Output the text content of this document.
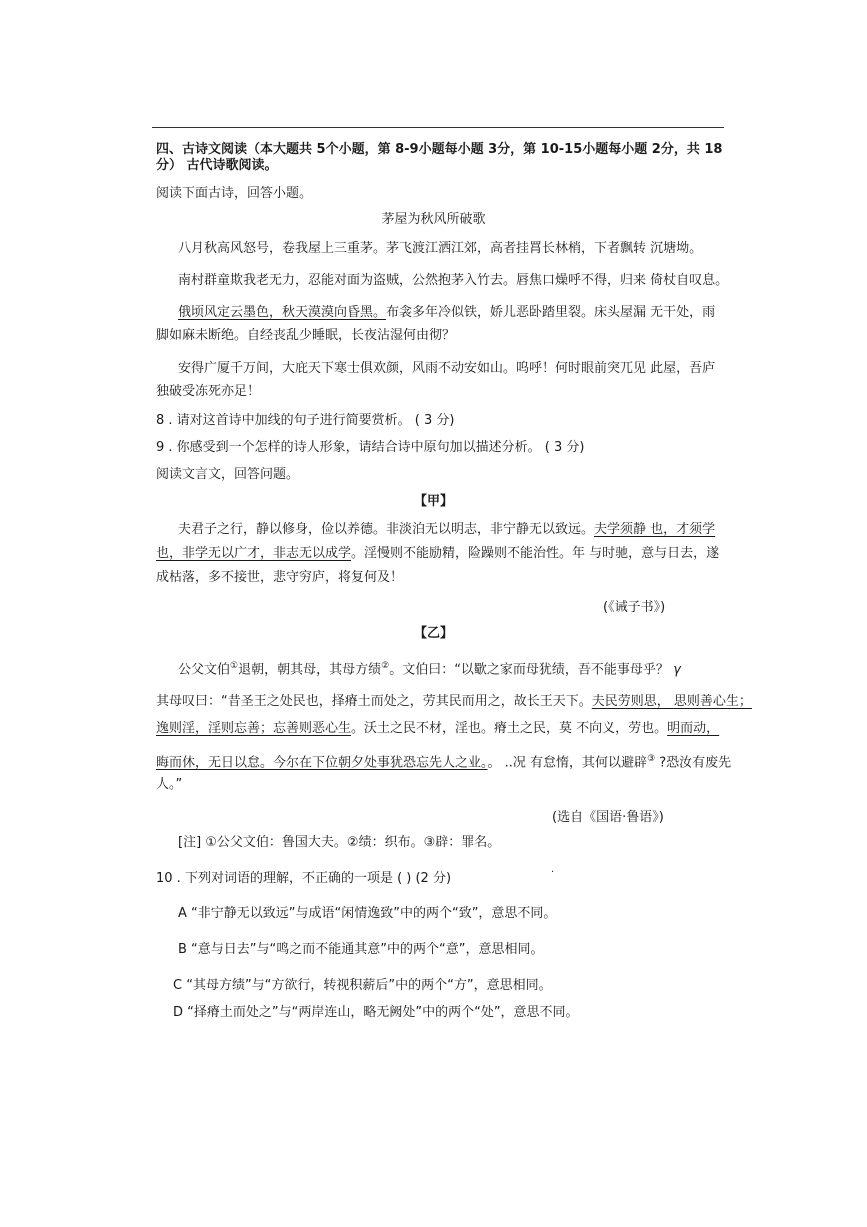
四、古诗文阅读（本大题共 5个小题，第 8-9小题每小题 3分，第 10-15小题每小题 2分，共 18
分） 古代诗歌阅读。
阅读下面古诗，回答小题。
茅屋为秋风所破歌
八月秋高风怒号，卷我屋上三重茅。茅飞渡江洒江郊，高者挂罥长林梢，下者飘转 沉塘坳。
南村群童欺我老无力，忍能对面为盗贼，公然抱茅入竹去。唇焦口燥呼不得，归来 倚杖自叹息。
俄顷风定云墨色，秋天漠漠向昏黑。布衾多年冷似铁，娇儿恶卧踏里裂。床头屋漏 无干处，雨
脚如麻未断绝。自经丧乱少睡眠，长夜沾湿何由彻？
安得广厦千万间，大庇天下寒士俱欢颜，风雨不动安如山。呜呼！何时眼前突兀见 此屋，吾庐
独破受冻死亦足！
8 . 请对这首诗中加线的句子进行简要赏析。 ( 3 分)
9 . 你感受到一个怎样的诗人形象，请结合诗中原句加以描述分析。 ( 3 分)
阅读文言文，回答问题。
【甲】
夫君子之行，静以修身，俭以养德。非淡泊无以明志，非宁静无以致远。夫学须静 也，才须学
也，非学无以广才，非志无以成学。淫慢则不能励精，险躁则不能治性。年 与时驰，意与日去，遂
成枯落，多不接世，悲守穷庐，将复何及！
(《诫子书》)
【乙】
公父文伯①退朝，朝其母，其母方绩②。文伯曰：“以歜之家而母犹绩，吾不能事母乎？ γ
其母叹曰：“昔圣王之处民也，择瘠土而处之，劳其民而用之，故长王天下。夫民劳则思， 思则善心生；
逸则淫，淫则忘善；忘善则恶心生。沃土之民不材，淫也。瘠土之民，莫 不向义，劳也。明而动，
晦而休，无日以怠。今尔在下位朝夕处事犹恐忘先人之业。。 ..况 有怠惰，其何以避辟③ ?恐汝有废先
人。”
(选自《国语·鲁语》)
[注] ①公父文伯：鲁国大夫。②绩：织布。③辟：罪名。
10 . 下列对词语的理解，不正确的一项是 ( ) (2 分)
.
A “非宁静无以致远”与成语“闲情逸致”中的两个“致”，意思不同。
B “意与日去”与“鸣之而不能通其意”中的两个“意”，意思相同。
C “其母方绩”与“方欲行，转视积薪后”中的两个“方”，意思相同。
D “择瘠土而处之”与“两岸连山，略无阙处”中的两个“处”，意思不同。
